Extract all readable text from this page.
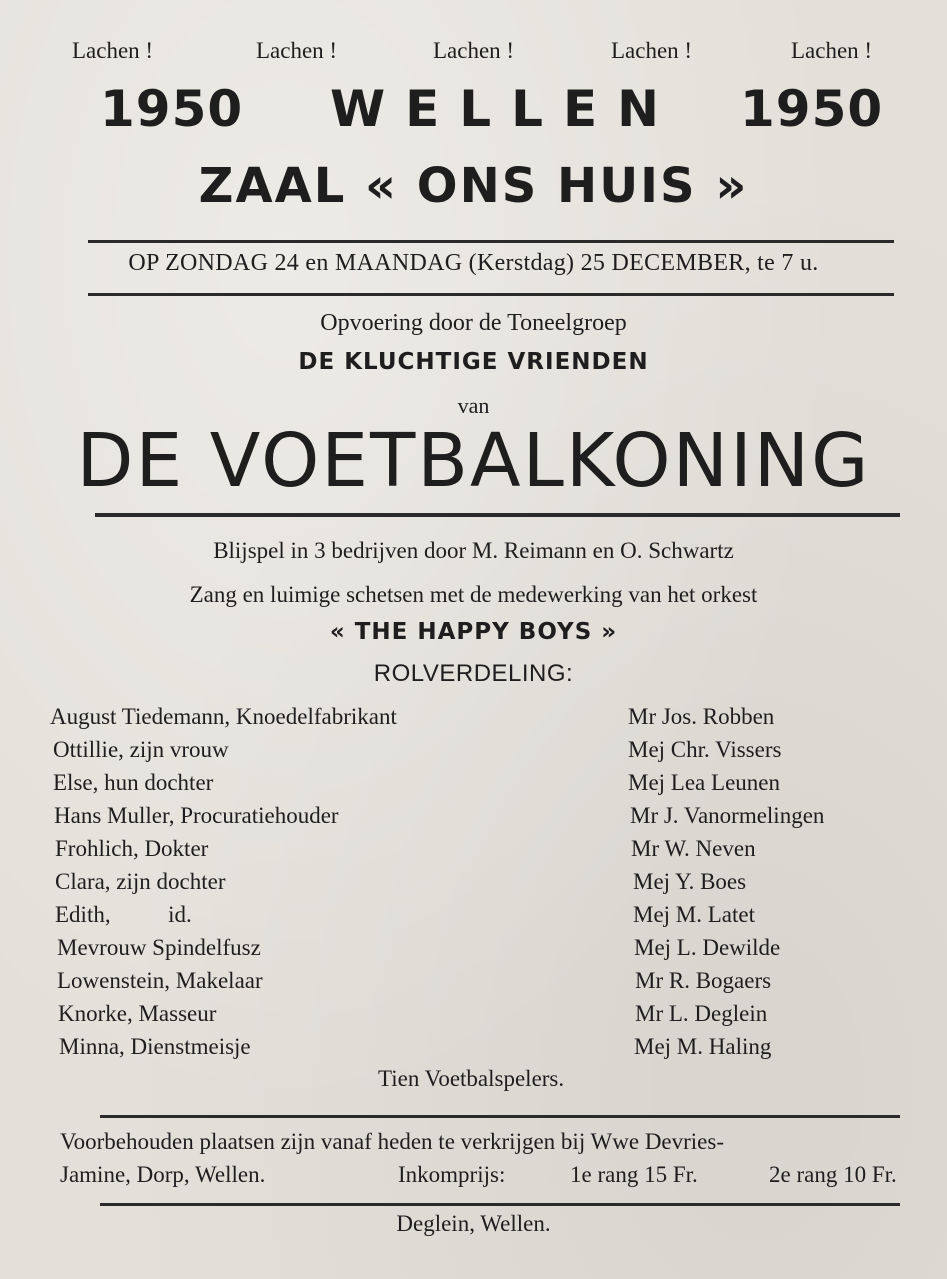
Lachen !	Lachen !	Lachen !	Lachen !	Lachen !
1950 WELLEN 1950
ZAAL « ONS HUIS »
OP ZONDAG 24 en MAANDAG (Kerstdag) 25 DECEMBER, te 7 u.
Opvoering door de Toneelgroep
DE KLUCHTIGE VRIENDEN
van
DE VOETBALKONING
Blijspel in 3 bedrijven door M. Reimann en O. Schwartz
Zang en luimige schetsen met de medewerking van het orkest
« THE HAPPY BOYS »
ROLVERDELING:
August Tiedemann, Knoedelfabrikant	Mr Jos. Robben
Ottillie, zijn vrouw	Mej Chr. Vissers
Else, hun dochter	Mej Lea Leunen
Hans Muller, Procuratiehouder	Mr J. Vanormelingen
Frohlich, Dokter	Mr W. Neven
Clara, zijn dochter	Mej Y. Boes
Edith,          id.	Mej M. Latet
Mevrouw Spindelfusz	Mej L. Dewilde
Lowenstein, Makelaar	Mr R. Bogaers
Knorke, Masseur	Mr L. Deglein
Minna, Dienstmeisje	Mej M. Haling
Tien Voetbalspelers.
Voorbehouden plaatsen zijn vanaf heden te verkrijgen bij Wwe Devries-
Jamine, Dorp, Wellen.	Inkomprijs:	1e rang 15 Fr.	2e rang 10 Fr.
Deglein, Wellen.
